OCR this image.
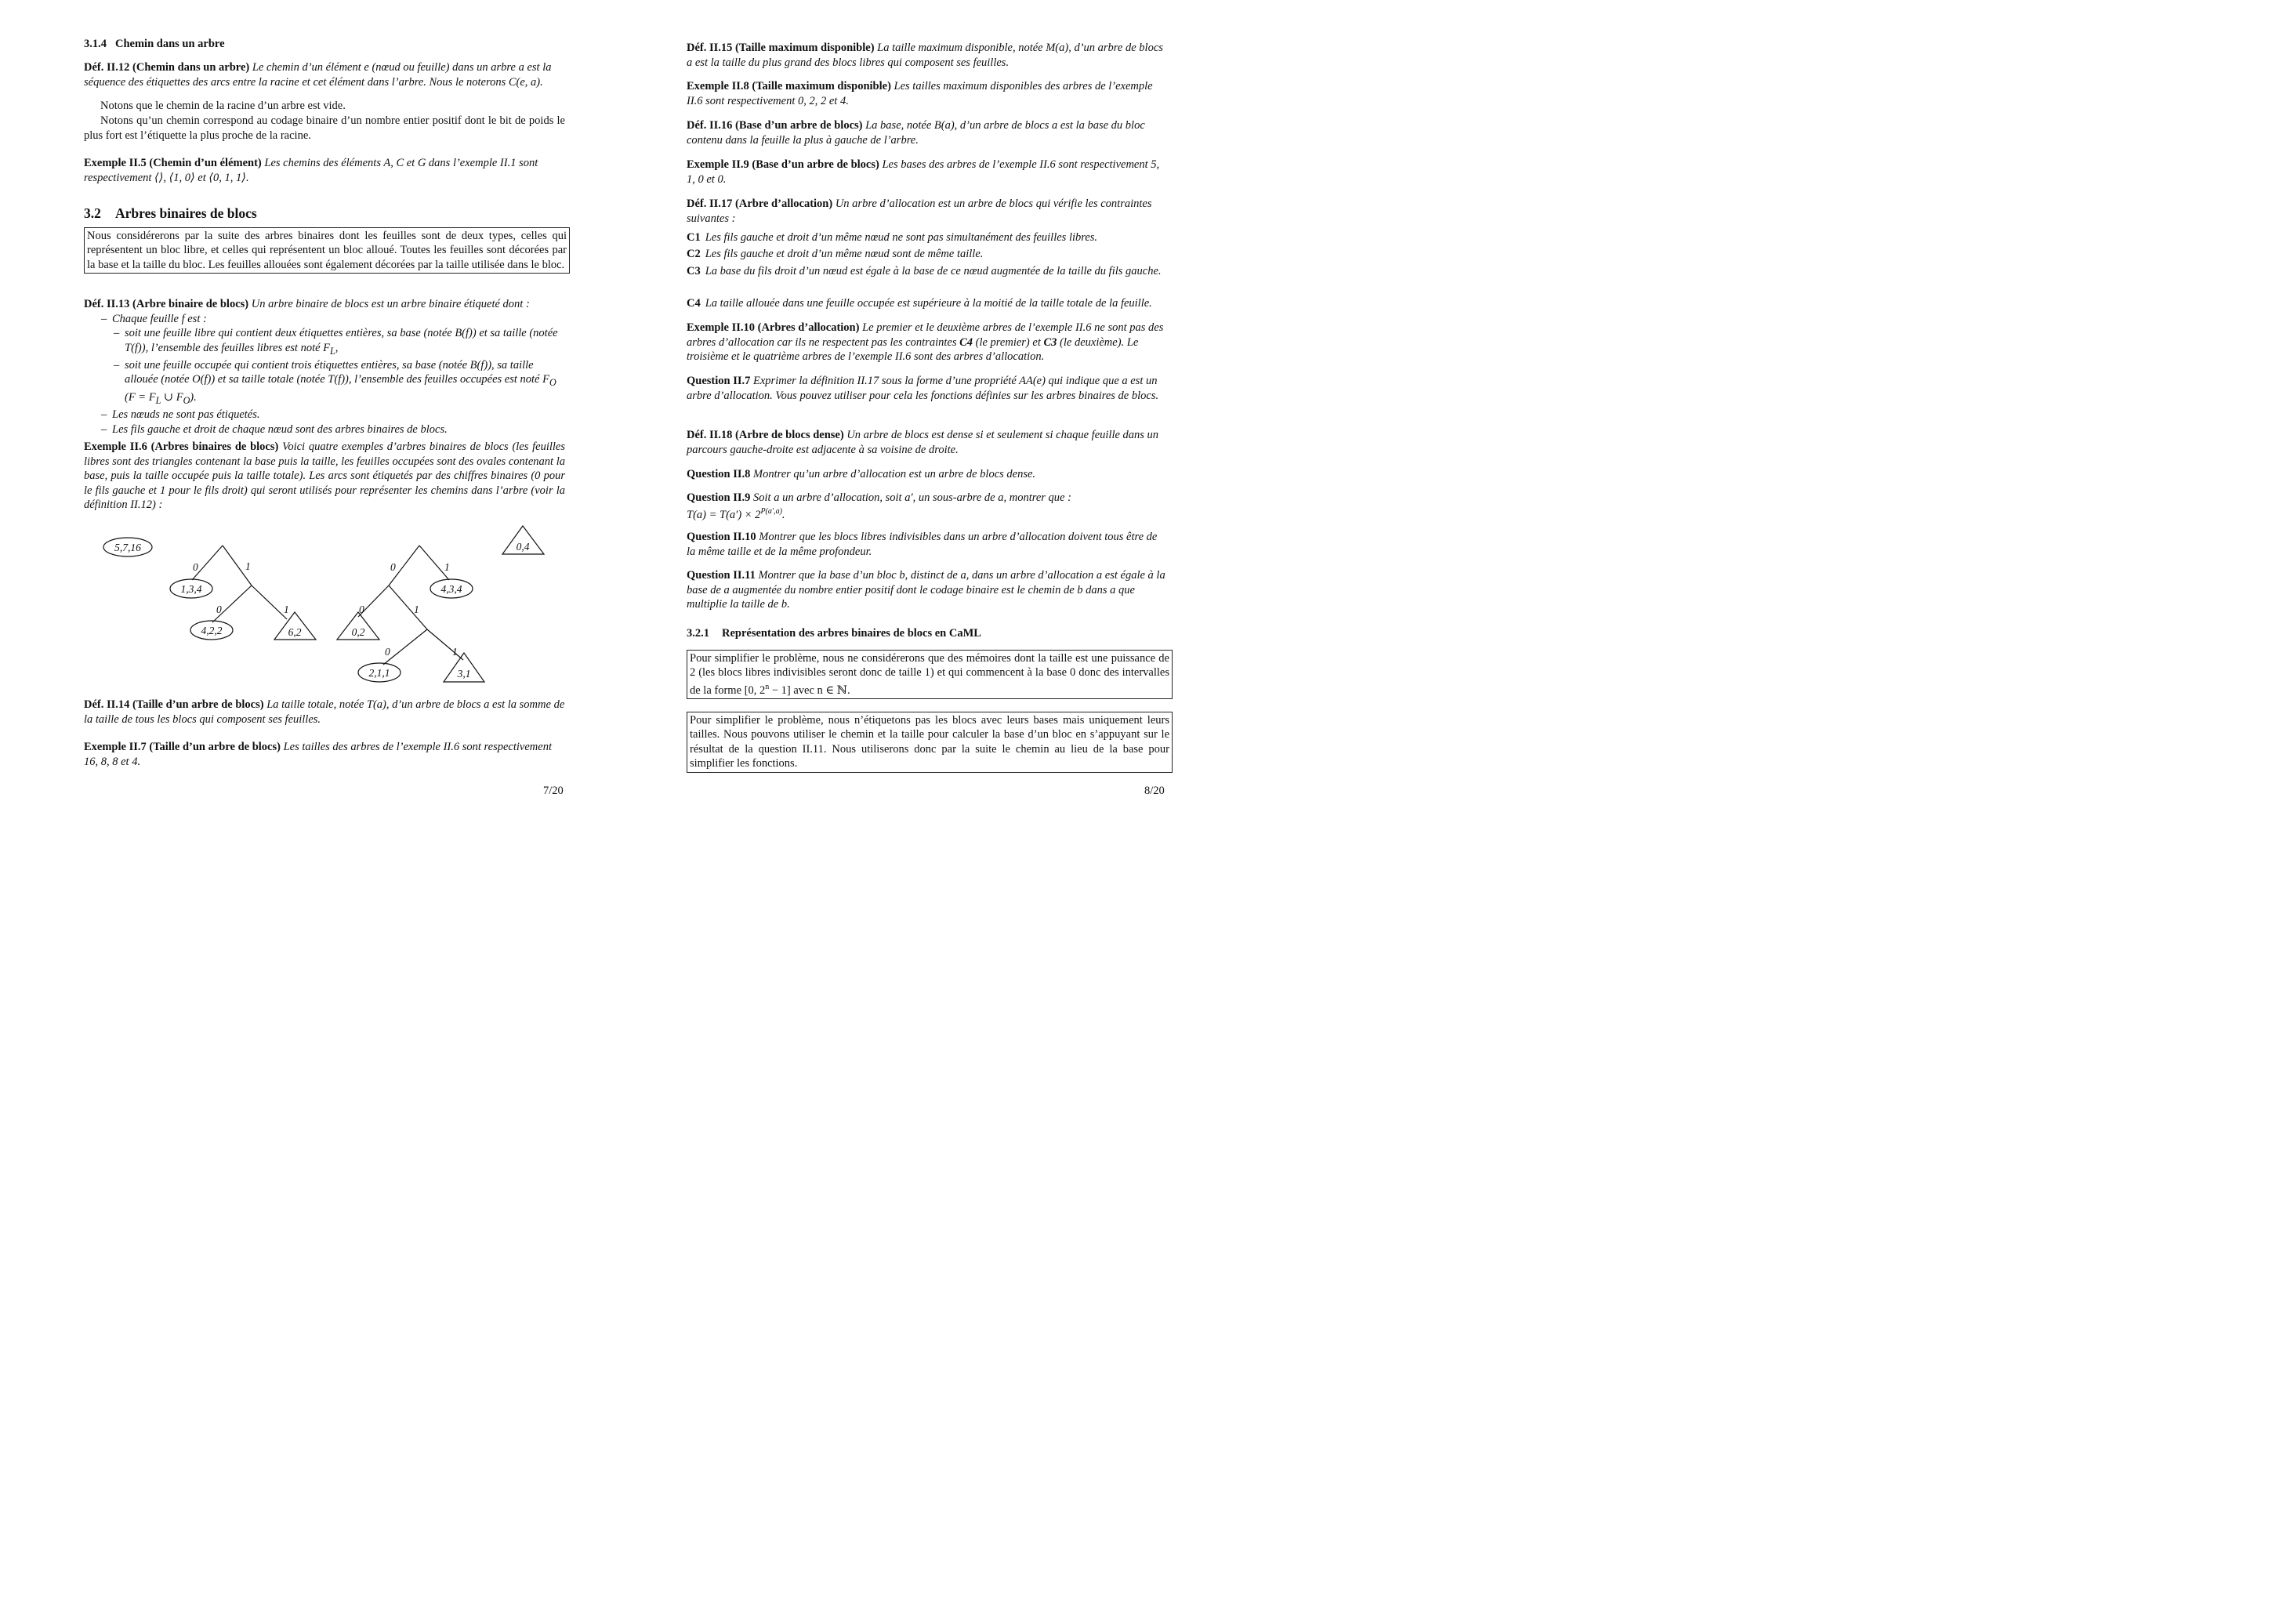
3.1.4 Chemin dans un arbre
Déf. II.12 (Chemin dans un arbre) Le chemin d’un élément e (nœud ou feuille) dans un arbre a est la séquence des étiquettes des arcs entre la racine et cet élément dans l’arbre. Nous le noterons C(e, a).
Notons que le chemin de la racine d’un arbre est vide.
Notons qu’un chemin correspond au codage binaire d’un nombre entier positif dont le bit de poids le plus fort est l’étiquette la plus proche de la racine.
Exemple II.5 (Chemin d’un élément) Les chemins des éléments A, C et G dans l’exemple II.1 sont respectivement ⟨⟩, ⟨1, 0⟩ et ⟨0, 1, 1⟩.
3.2 Arbres binaires de blocs
Nous considérerons par la suite des arbres binaires dont les feuilles sont de deux types, celles qui représentent un bloc libre, et celles qui représentent un bloc alloué. Toutes les feuilles sont décorées par la base et la taille du bloc. Les feuilles allouées sont également décorées par la taille utilisée dans le bloc.
Déf. II.13 (Arbre binaire de blocs) Un arbre binaire de blocs est un arbre binaire étiqueté dont :
– Chaque feuille f est :
– soit une feuille libre qui contient deux étiquettes entières, sa base (notée B(f)) et sa taille (notée T(f)), l’ensemble des feuilles libres est noté $F_L$,
– soit une feuille occupée qui contient trois étiquettes entières, sa base (notée B(f)), sa taille allouée (notée O(f)) et sa taille totale (notée T(f)), l’ensemble des feuilles occupées est noté $F_O$ ($F = F_L$ ∪ $F_O$).
– Les nœuds ne sont pas étiquetés.
– Les fils gauche et droit de chaque nœud sont des arbres binaires de blocs.
Exemple II.6 (Arbres binaires de blocs) Voici quatre exemples d’arbres binaires de blocs (les feuilles libres sont des triangles contenant la base puis la taille, les feuilles occupées sont des ovales contenant la base, puis la taille occupée puis la taille totale). Les arcs sont étiquetés par des chiffres binaires (0 pour le fils gauche et 1 pour le fils droit) qui seront utilisés pour représenter les chemins dans l’arbre (voir la définition II.12) :
5,7,16
0	1
1,3,4
0	1
4,2,2	6,2
0	1
4,3,4
0	1
0,2
0	1
2,1,1	3,1
0,4
Déf. II.14 (Taille d’un arbre de blocs) La taille totale, notée T(a), d’un arbre de blocs a est la somme de la taille de tous les blocs qui composent ses feuilles.
Exemple II.7 (Taille d’un arbre de blocs) Les tailles des arbres de l’exemple II.6 sont respectivement 16, 8, 8 et 4.
7/20
Déf. II.15 (Taille maximum disponible) La taille maximum disponible, notée M(a), d’un arbre de blocs a est la taille du plus grand des blocs libres qui composent ses feuilles.
Exemple II.8 (Taille maximum disponible) Les tailles maximum disponibles des arbres de l’exemple II.6 sont respectivement 0, 2, 2 et 4.
Déf. II.16 (Base d’un arbre de blocs) La base, notée B(a), d’un arbre de blocs a est la base du bloc contenu dans la feuille la plus à gauche de l’arbre.
Exemple II.9 (Base d’un arbre de blocs) Les bases des arbres de l’exemple II.6 sont respectivement 5, 1, 0 et 0.
Déf. II.17 (Arbre d’allocation) Un arbre d’allocation est un arbre de blocs qui vérifie les contraintes suivantes :
C1 Les fils gauche et droit d’un même nœud ne sont pas simultanément des feuilles libres.
C2 Les fils gauche et droit d’un même nœud sont de même taille.
C3 La base du fils droit d’un nœud est égale à la base de ce nœud augmentée de la taille du fils gauche.
C4 La taille allouée dans une feuille occupée est supérieure à la moitié de la taille totale de la feuille.
Exemple II.10 (Arbres d’allocation) Le premier et le deuxième arbres de l’exemple II.6 ne sont pas des arbres d’allocation car ils ne respectent pas les contraintes C4 (le premier) et C3 (le deuxième). Le troisième et le quatrième arbres de l’exemple II.6 sont des arbres d’allocation.
Question II.7 Exprimer la définition II.17 sous la forme d’une propriété AA(e) qui indique que a est un arbre d’allocation. Vous pouvez utiliser pour cela les fonctions définies sur les arbres binaires de blocs.
Déf. II.18 (Arbre de blocs dense) Un arbre de blocs est dense si et seulement si chaque feuille dans un parcours gauche-droite est adjacente à sa voisine de droite.
Question II.8 Montrer qu’un arbre d’allocation est un arbre de blocs dense.
Question II.9 Soit a un arbre d’allocation, soit a′, un sous-arbre de a, montrer que :
$T(a) = T(a') \times 2^{P(a',a)}$.
Question II.10 Montrer que les blocs libres indivisibles dans un arbre d’allocation doivent tous être de la même taille et de la même profondeur.
Question II.11 Montrer que la base d’un bloc b, distinct de a, dans un arbre d’allocation a est égale à la base de a augmentée du nombre entier positif dont le codage binaire est le chemin de b dans a que multiplie la taille de b.
3.2.1 Représentation des arbres binaires de blocs en CaML
Pour simplifier le problème, nous ne considérerons que des mémoires dont la taille est une puissance de 2 (les blocs libres indivisibles seront donc de taille 1) et qui commencent à la base 0 donc des intervalles de la forme [0, $2^n - 1$] avec n ∈ ℕ.
Pour simplifier le problème, nous n’étiquetons pas les blocs avec leurs bases mais uniquement leurs tailles. Nous pouvons utiliser le chemin et la taille pour calculer la base d’un bloc en s’appuyant sur le résultat de la question II.11. Nous utiliserons donc par la suite le chemin au lieu de la base pour simplifier les fonctions.
8/20
